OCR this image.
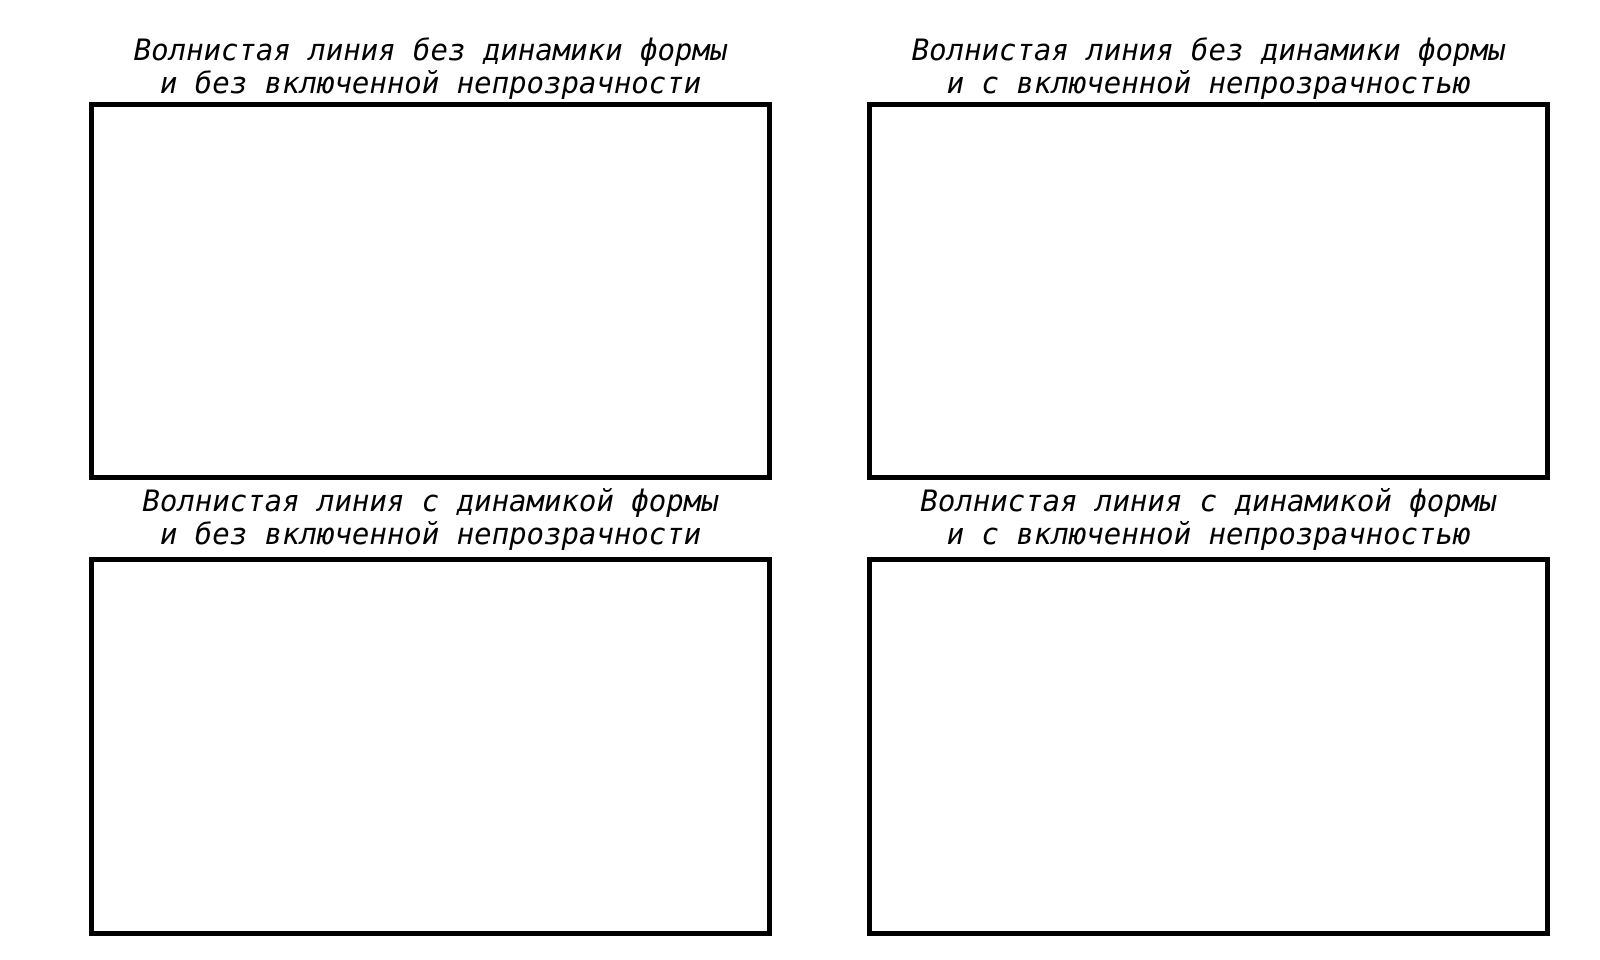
Волнистая линия без динамики формы
и без включенной непрозрачности
Волнистая линия без динамики формы
и с включенной непрозрачностью
Волнистая линия с динамикой формы
и без включенной непрозрачности
Волнистая линия с динамикой формы
и с включенной непрозрачностью
